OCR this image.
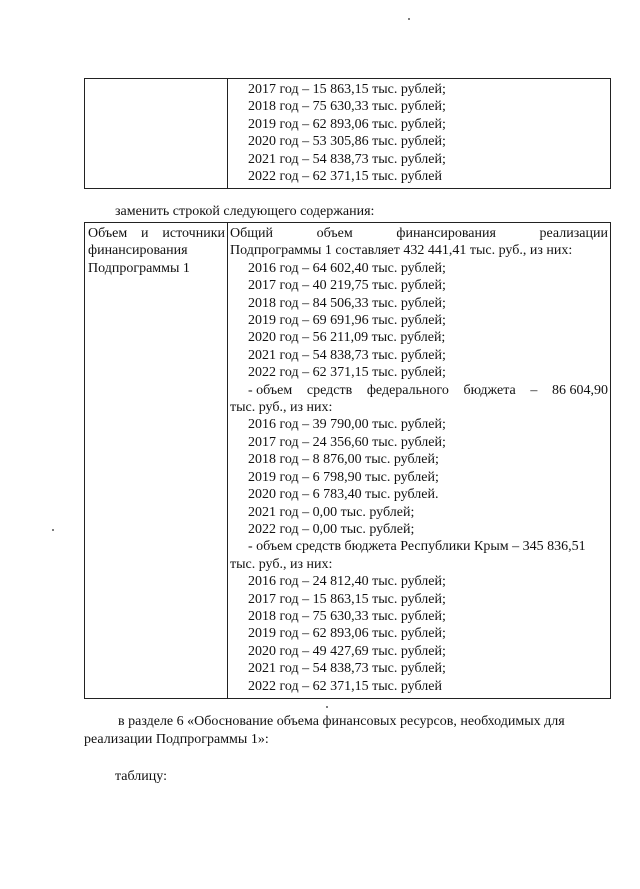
2017 год – 15 863,15 тыс. рублей;
2018 год – 75 630,33 тыс. рублей;
2019 год – 62 893,06 тыс. рублей;
2020 год – 53 305,86 тыс. рублей;
2021 год – 54 838,73 тыс. рублей;
2022 год – 62 371,15 тыс. рублей
заменить строкой следующего содержания:
Объем и источники финансирования Подпрограммы 1

Общий	объем	финансирования	реализации
Подпрограммы 1 составляет 432 441,41 тыс. руб., из них:
2016 год – 64 602,40 тыс. рублей;
2017 год – 40 219,75 тыс. рублей;
2018 год – 84 506,33 тыс. рублей;
2019 год – 69 691,96 тыс. рублей;
2020 год – 56 211,09 тыс. рублей;
2021 год – 54 838,73 тыс. рублей;
2022 год – 62 371,15 тыс. рублей;
- объем средств федерального бюджета – 86 604,90
тыс. руб., из них:
2016 год – 39 790,00 тыс. рублей;
2017 год – 24 356,60 тыс. рублей;
2018 год – 8 876,00 тыс. рублей;
2019 год – 6 798,90 тыс. рублей;
2020 год – 6 783,40 тыс. рублей.
2021 год – 0,00 тыс. рублей;
2022 год – 0,00 тыс. рублей;
- объем средств бюджета Республики Крым – 345 836,51
тыс. руб., из них:
2016 год – 24 812,40 тыс. рублей;
2017 год – 15 863,15 тыс. рублей;
2018 год – 75 630,33 тыс. рублей;
2019 год – 62 893,06 тыс. рублей;
2020 год – 49 427,69 тыс. рублей;
2021 год – 54 838,73 тыс. рублей;
2022 год – 62 371,15 тыс. рублей
в разделе 6 «Обоснование объема финансовых ресурсов, необходимых для
реализации Подпрограммы 1»:
таблицу:
